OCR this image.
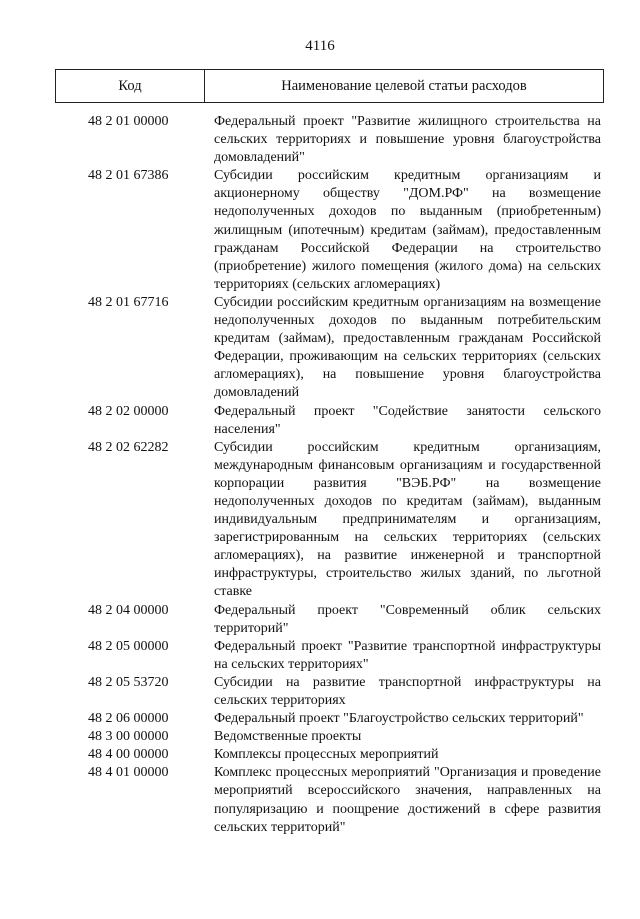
4116
Код	Наименование целевой статьи расходов
48 2 01 00000	Федеральный проект "Развитие жилищного строительства на сельских территориях и повышение уровня благоустройства домовладений"
48 2 01 67386	Субсидии российским кредитным организациям и акционерному обществу "ДОМ.РФ" на возмещение недополученных доходов по выданным (приобретенным) жилищным (ипотечным) кредитам (займам), предоставленным гражданам Российской Федерации на строительство (приобретение) жилого помещения (жилого дома) на сельских территориях (сельских агломерациях)
48 2 01 67716	Субсидии российским кредитным организациям на возмещение недополученных доходов по выданным потребительским кредитам (займам), предоставленным гражданам Российской Федерации, проживающим на сельских территориях (сельских агломерациях), на повышение уровня благоустройства домовладений
48 2 02 00000	Федеральный проект "Содействие занятости сельского населения"
48 2 02 62282	Субсидии российским кредитным организациям, международным финансовым организациям и государственной корпорации развития "ВЭБ.РФ" на возмещение недополученных доходов по кредитам (займам), выданным индивидуальным предпринимателям и организациям, зарегистрированным на сельских территориях (сельских агломерациях), на развитие инженерной и транспортной инфраструктуры, строительство жилых зданий, по льготной ставке
48 2 04 00000	Федеральный проект "Современный облик сельских территорий"
48 2 05 00000	Федеральный проект "Развитие транспортной инфраструктуры на сельских территориях"
48 2 05 53720	Субсидии на развитие транспортной инфраструктуры на сельских территориях
48 2 06 00000	Федеральный проект "Благоустройство сельских территорий"
48 3 00 00000	Ведомственные проекты
48 4 00 00000	Комплексы процессных мероприятий
48 4 01 00000	Комплекс процессных мероприятий "Организация и проведение мероприятий всероссийского значения, направленных на популяризацию и поощрение достижений в сфере развития сельских территорий"
